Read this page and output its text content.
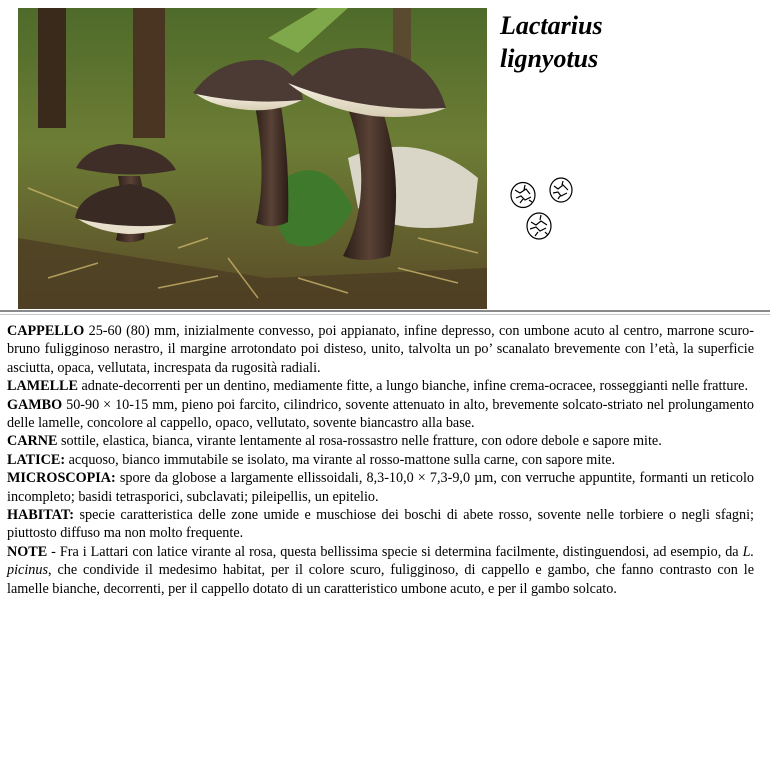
Lactarius
lignyotus

CAPPELLO 25-60 (80) mm, inizialmente convesso, poi appianato, infine depresso, con umbone acuto al centro, marrone scuro-bruno fuligginoso nerastro, il margine arrotondato poi disteso, unito, talvolta un po’ scanalato brevemente con l’età, la superficie asciutta, opaca, vellutata, increspata da rugosità radiali.

LAMELLE adnate-decorrenti per un dentino, mediamente fitte, a lungo bianche, infine crema-ocracee, rosseggianti nelle fratture.

GAMBO 50-90 × 10-15 mm, pieno poi farcito, cilindrico, sovente attenuato in alto, brevemente solcato-striato nel prolungamento delle lamelle, concolore al cappello, opaco, vellutato, sovente biancastro alla base.

CARNE sottile, elastica, bianca, virante lentamente al rosa-rossastro nelle fratture, con odore debole e sapore mite.

LATICE: acquoso, bianco immutabile se isolato, ma virante al rosso-mattone sulla carne, con sapore mite.

MICROSCOPIA: spore da globose a largamente ellissoidali, 8,3-10,0 × 7,3-9,0 µm, con verruche appuntite, formanti un reticolo incompleto; basidi tetrasporici, subclavati; pileipellis, un epitelio.

HABITAT: specie caratteristica delle zone umide e muschiose dei boschi di abete rosso, sovente nelle torbiere o negli sfagni; piuttosto diffuso ma non molto frequente.

NOTE - Fra i Lattari con latice virante al rosa, questa bellissima specie si determina facilmente, distinguendosi, ad esempio, da L. picinus, che condivide il medesimo habitat, per il colore scuro, fuligginoso, di cappello e gambo, che fanno contrasto con le lamelle bianche, decorrenti, per il cappello dotato di un caratteristico umbone acuto, e per il gambo solcato.
